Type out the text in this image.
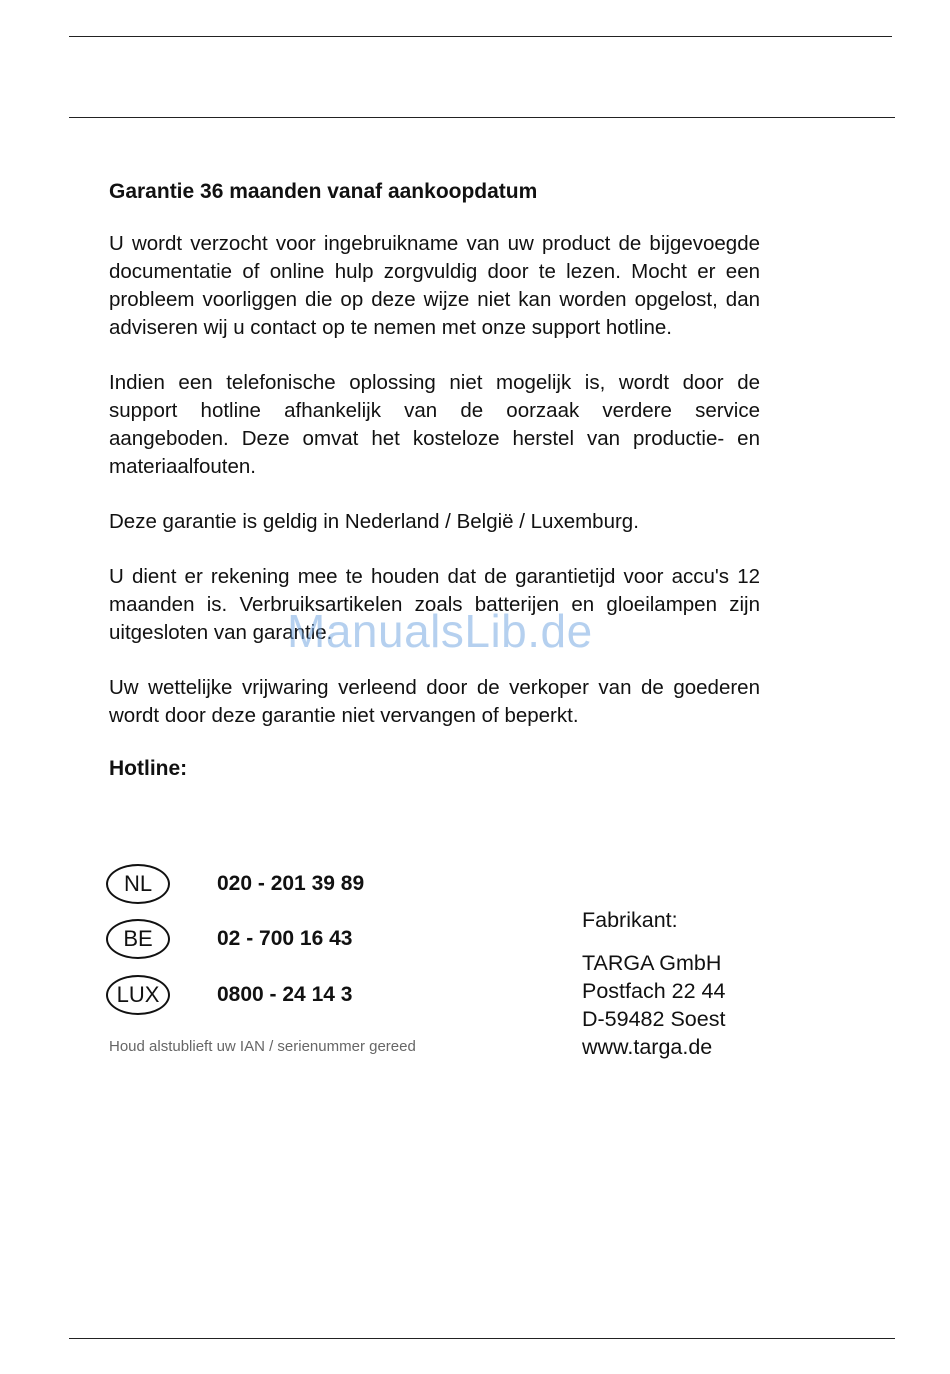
Garantie 36 maanden vanaf aankoopdatum

U wordt verzocht voor ingebruikname van uw product de bijgevoegde documentatie of online hulp zorgvuldig door te lezen. Mocht er een probleem voorliggen die op deze wijze niet kan worden opgelost, dan adviseren wij u contact op te nemen met onze support hotline.

Indien een telefonische oplossing niet mogelijk is, wordt door de support hotline afhankelijk van de oorzaak verdere service aangeboden. Deze omvat het kosteloze herstel van productie- en materiaalfouten.

Deze garantie is geldig in Nederland / België / Luxemburg.

U dient er rekening mee te houden dat de garantietijd voor accu's 12 maanden is. Verbruiksartikelen zoals batterijen en gloeilampen zijn uitgesloten van garantie.

Uw wettelijke vrijwaring verleend door de verkoper van de goederen wordt door deze garantie niet vervangen of beperkt.

Hotline:
NL	020 - 201 39 89
BE	02 - 700 16 43
LUX	0800 - 24 14 3
Houd alstublieft uw IAN / serienummer gereed
Fabrikant:
TARGA GmbH
Postfach 22 44
D-59482 Soest
www.targa.de
ManualsLib.de
